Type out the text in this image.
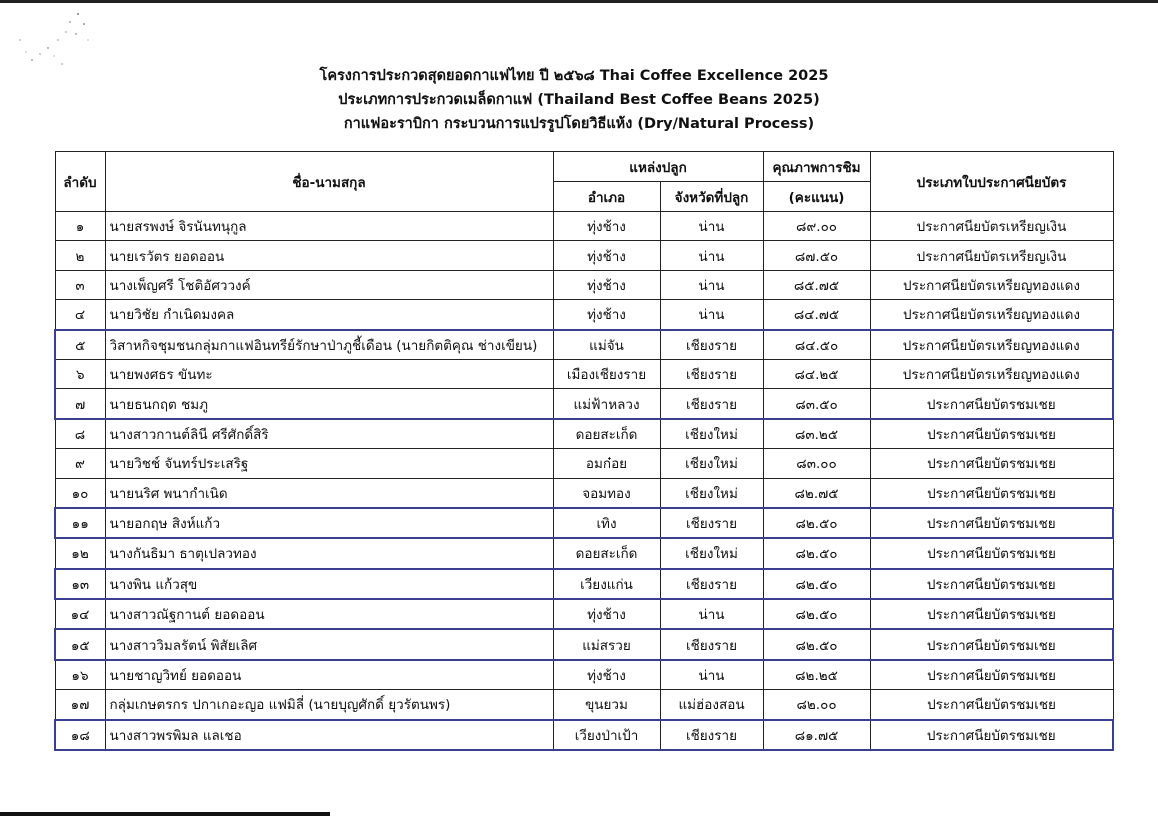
โครงการประกวดสุดยอดกาแฟไทย ปี ๒๕๖๘ Thai Coffee Excellence 2025
ประเภทการประกวดเมล็ดกาแฟ (Thailand Best Coffee Beans 2025)
กาแฟอะราบิกา กระบวนการแปรรูปโดยวิธีแห้ง (Dry/Natural Process)
ลำดับ	ชื่อ-นามสกุล	แหล่งปลูก		คุณภาพการชิม	ประเภทใบประกาศนียบัตร
		อำเภอ	จังหวัดที่ปลูก	(คะแนน)	
๑	นายสรพงษ์ จิรนันทนุกูล	ทุ่งช้าง	น่าน	๘๙.๐๐	ประกาศนียบัตรเหรียญเงิน
๒	นายเรวัตร ยอดออน	ทุ่งช้าง	น่าน	๘๗.๕๐	ประกาศนียบัตรเหรียญเงิน
๓	นางเพ็ญศรี โชติอัศววงค์	ทุ่งช้าง	น่าน	๘๕.๗๕	ประกาศนียบัตรเหรียญทองแดง
๔	นายวิชัย กำเนิดมงคล	ทุ่งช้าง	น่าน	๘๔.๗๕	ประกาศนียบัตรเหรียญทองแดง
๕	วิสาหกิจชุมชนกลุ่มกาแฟอินทรีย์รักษาป่าภูชี้เดือน (นายกิตติคุณ ช่างเขียน)	แม่จัน	เชียงราย	๘๔.๕๐	ประกาศนียบัตรเหรียญทองแดง
๖	นายพงศธร ขันทะ	เมืองเชียงราย	เชียงราย	๘๔.๒๕	ประกาศนียบัตรเหรียญทองแดง
๗	นายธนกฤต ชมภู	แม่ฟ้าหลวง	เชียงราย	๘๓.๕๐	ประกาศนียบัตรชมเชย
๘	นางสาวกานต์ลินี ศรีศักดิ์สิริ	ดอยสะเก็ด	เชียงใหม่	๘๓.๒๕	ประกาศนียบัตรชมเชย
๙	นายวิชช์ จันทร์ประเสริฐ	อมก๋อย	เชียงใหม่	๘๓.๐๐	ประกาศนียบัตรชมเชย
๑๐	นายนริศ พนากำเนิด	จอมทอง	เชียงใหม่	๘๒.๗๕	ประกาศนียบัตรชมเชย
๑๑	นายอกฤษ สิงห์แก้ว	เทิง	เชียงราย	๘๒.๕๐	ประกาศนียบัตรชมเชย
๑๒	นางกันธิมา ธาตุเปลวทอง	ดอยสะเก็ด	เชียงใหม่	๘๒.๕๐	ประกาศนียบัตรชมเชย
๑๓	นางพิน แก้วสุข	เวียงแก่น	เชียงราย	๘๒.๕๐	ประกาศนียบัตรชมเชย
๑๔	นางสาวณัฐกานต์ ยอดออน	ทุ่งช้าง	น่าน	๘๒.๕๐	ประกาศนียบัตรชมเชย
๑๕	นางสาววิมลรัตน์ พิสัยเลิศ	แม่สรวย	เชียงราย	๘๒.๕๐	ประกาศนียบัตรชมเชย
๑๖	นายชาญวิทย์ ยอดออน	ทุ่งช้าง	น่าน	๘๒.๒๕	ประกาศนียบัตรชมเชย
๑๗	กลุ่มเกษตรกร ปกาเกอะญอ แฟมิลี่ (นายบุญศักดิ์ ยุวรัตนพร)	ขุนยวม	แม่ฮ่องสอน	๘๒.๐๐	ประกาศนียบัตรชมเชย
๑๘	นางสาวพรพิมล แลเชอ	เวียงป่าเป้า	เชียงราย	๘๑.๗๕	ประกาศนียบัตรชมเชย
